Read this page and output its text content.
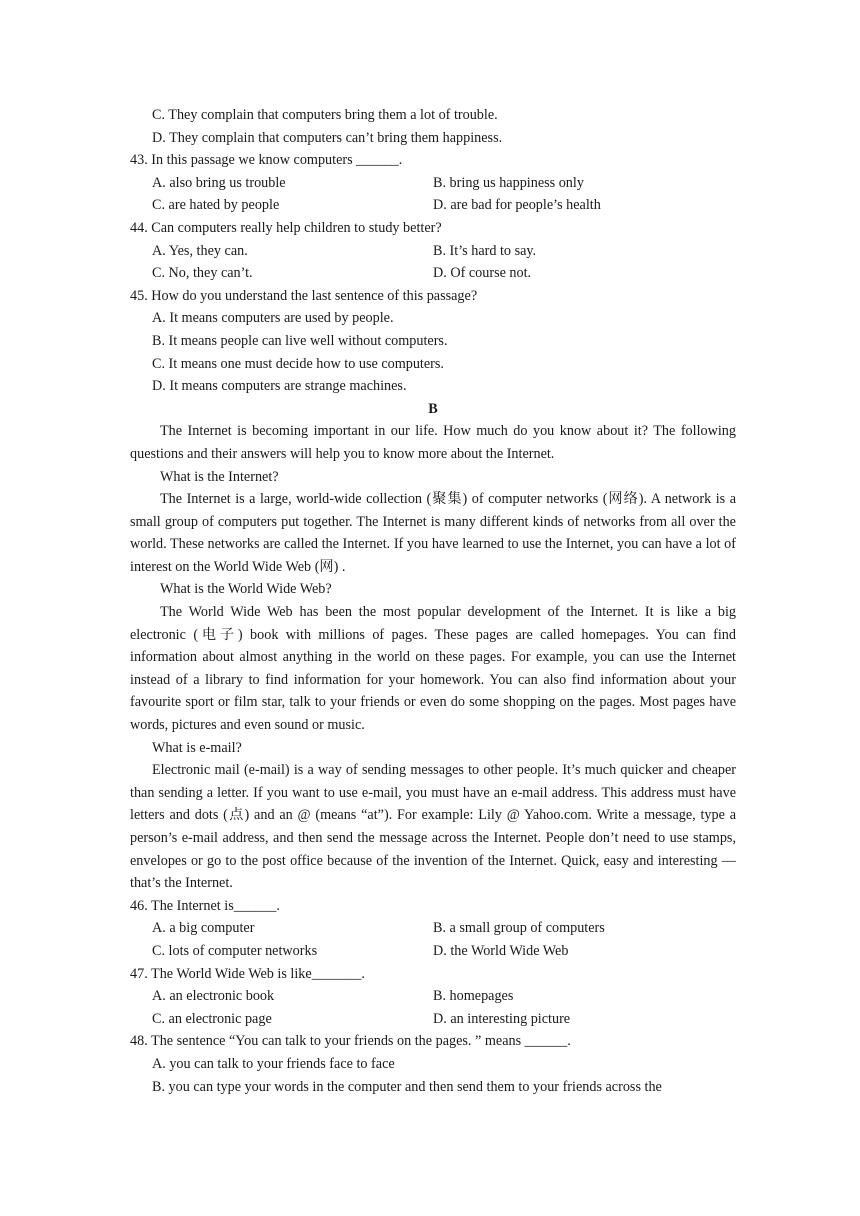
C. They complain that computers bring them a lot of trouble.
D. They complain that computers can’t bring them happiness.
43. In this passage we know computers ______.
A. also bring us trouble	B. bring us happiness only
C. are hated by people	D. are bad for people’s health
44. Can computers really help children to study better?
A. Yes, they can.	B. It’s hard to say.
C. No, they can’t.	D. Of course not.
45. How do you understand the last sentence of this passage?
A. It means computers are used by people.
B. It means people can live well without computers.
C. It means one must decide how to use computers.
D. It means computers are strange machines.
B

The Internet is becoming important in our life. How much do you know about it? The following questions and their answers will help you to know more about the Internet.

What is the Internet?

The Internet is a large, world-wide collection (聚集) of computer networks (网络). A network is a small group of computers put together. The Internet is many different kinds of networks from all over the world. These networks are called the Internet. If you have learned to use the Internet, you can have a lot of interest on the World Wide Web (网) .

What is the World Wide Web?

The World Wide Web has been the most popular development of the Internet. It is like a big electronic (电子) book with millions of pages. These pages are called homepages. You can find information about almost anything in the world on these pages. For example, you can use the Internet instead of a library to find information for your homework. You can also find information about your favourite sport or film star, talk to your friends or even do some shopping on the pages. Most pages have words, pictures and even sound or music.

What is e-mail?

Electronic mail (e-mail) is a way of sending messages to other people. It’s much quicker and cheaper than sending a letter. If you want to use e-mail, you must have an e-mail address. This address must have letters and dots (点) and an @ (means “at”). For example: Lily @ Yahoo.com. Write a message, type a person’s e-mail address, and then send the message across the Internet. People don’t need to use stamps, envelopes or go to the post office because of the invention of the Internet. Quick, easy and interesting — that’s the Internet.

46. The Internet is______.
A. a big computer	B. a small group of computers
C. lots of computer networks	D. the World Wide Web
47. The World Wide Web is like_______.
A. an electronic book	B. homepages
C. an electronic page	D. an interesting picture
48. The sentence “You can talk to your friends on the pages. ” means ______.
A. you can talk to your friends face to face
B. you can type your words in the computer and then send them to your friends across the
